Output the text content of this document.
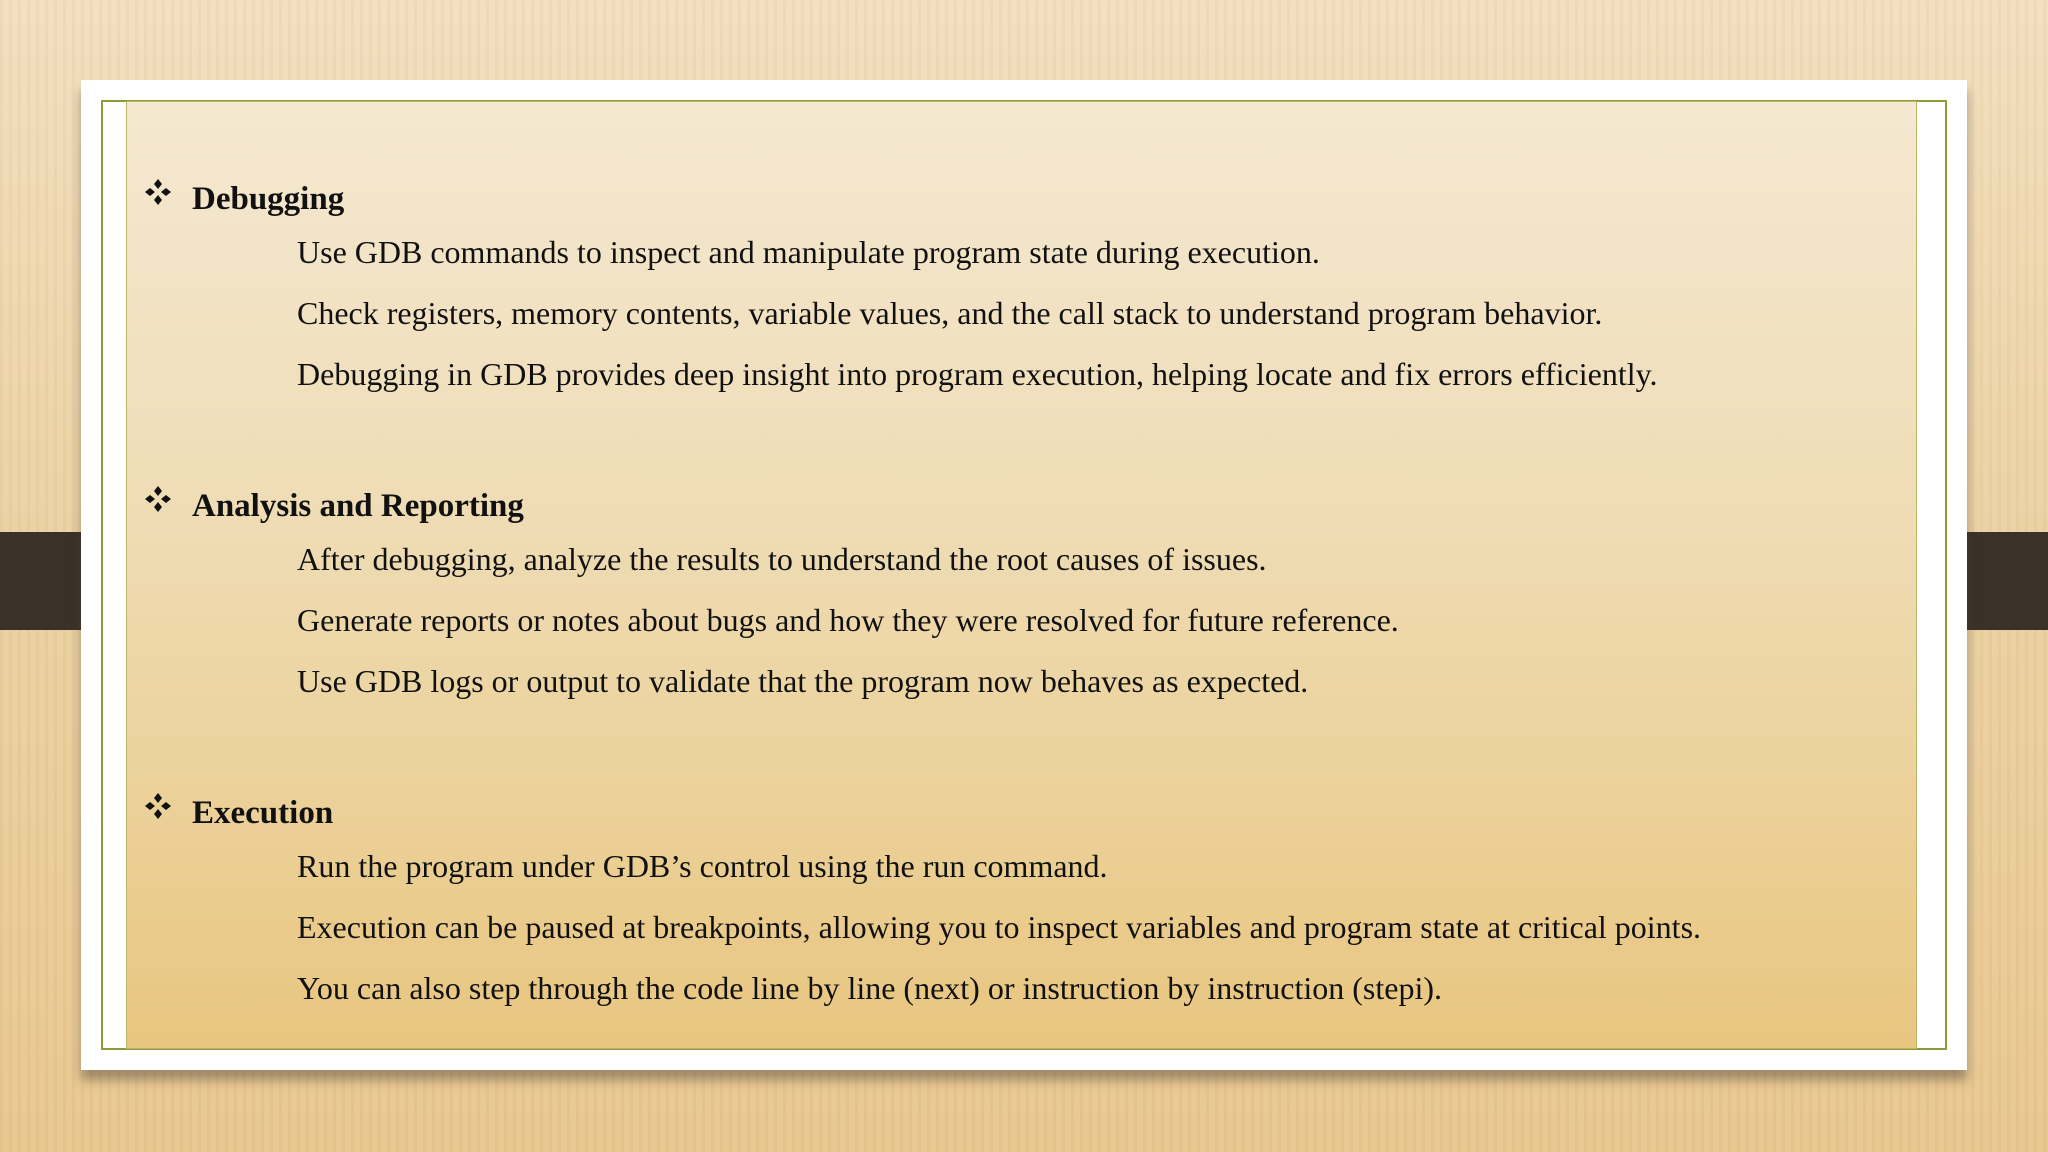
Debugging
Use GDB commands to inspect and manipulate program state during execution.
Check registers, memory contents, variable values, and the call stack to understand program behavior.
Debugging in GDB provides deep insight into program execution, helping locate and fix errors efficiently.
Analysis and Reporting
After debugging, analyze the results to understand the root causes of issues.
Generate reports or notes about bugs and how they were resolved for future reference.
Use GDB logs or output to validate that the program now behaves as expected.
Execution
Run the program under GDB’s control using the run command.
Execution can be paused at breakpoints, allowing you to inspect variables and program state at critical points.
You can also step through the code line by line (next) or instruction by instruction (stepi).
